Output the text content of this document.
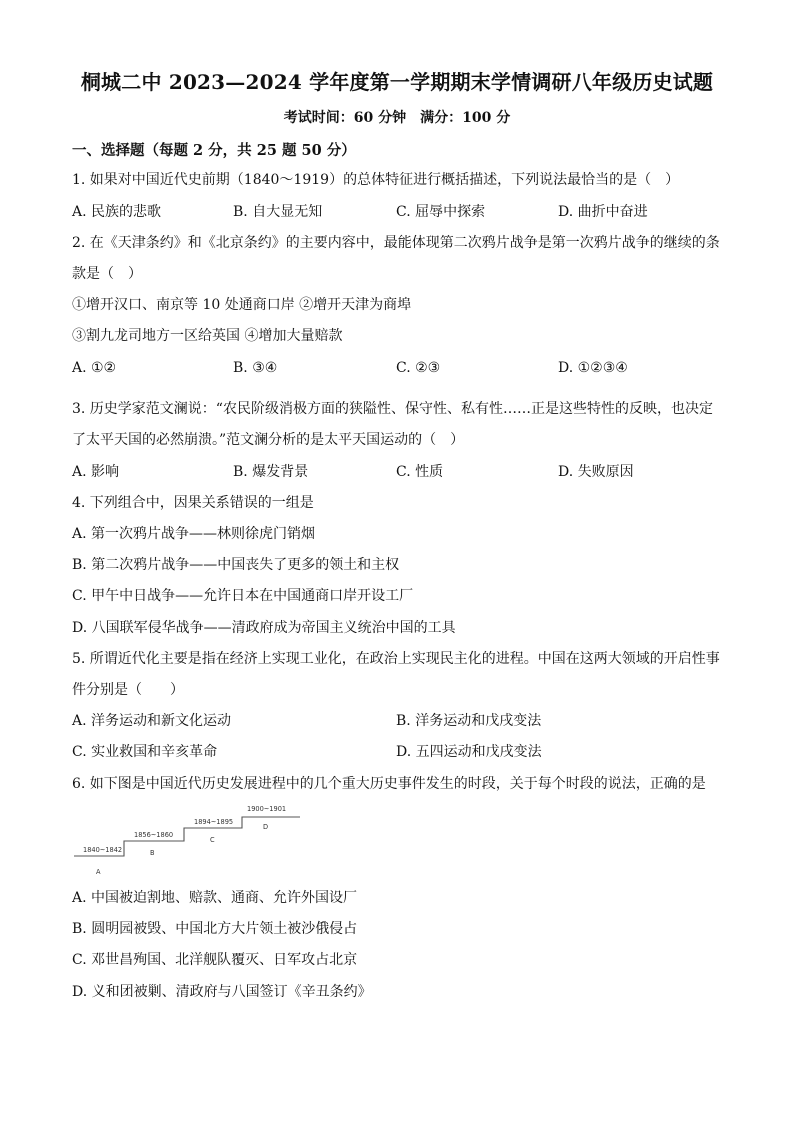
桐城二中 2023—2024 学年度第一学期期末学情调研八年级历史试题
考试时间：60 分钟　满分：100 分
一、选择题（每题 2 分，共 25 题 50 分）
1. 如果对中国近代史前期（1840～1919）的总体特征进行概括描述，下列说法最恰当的是（　）
A. 民族的悲歌	B. 自大显无知	C. 屈辱中探索	D. 曲折中奋进
2. 在《天津条约》和《北京条约》的主要内容中，最能体现第二次鸦片战争是第一次鸦片战争的继续的条
款是（　）
①增开汉口、南京等 10 处通商口岸 ②增开天津为商埠
③割九龙司地方一区给英国 ④增加大量赔款
A. ①②	B. ③④	C. ②③	D. ①②③④
3. 历史学家范文澜说：“农民阶级消极方面的狭隘性、保守性、私有性……正是这些特性的反映，也决定
了太平天国的必然崩溃。”范文澜分析的是太平天国运动的（　）
A. 影响	B. 爆发背景	C. 性质	D. 失败原因
4. 下列组合中，因果关系错误的一组是
A. 第一次鸦片战争——林则徐虎门销烟
B. 第二次鸦片战争——中国丧失了更多的领土和主权
C. 甲午中日战争——允许日本在中国通商口岸开设工厂
D. 八国联军侵华战争——清政府成为帝国主义统治中国的工具
5. 所谓近代化主要是指在经济上实现工业化，在政治上实现民主化的进程。中国在这两大领域的开启性事
件分别是（　　）
A. 洋务运动和新文化运动	B. 洋务运动和戊戌变法
C. 实业救国和辛亥革命	D. 五四运动和戊戌变法
6. 如下图是中国近代历史发展进程中的几个重大历史事件发生的时段，关于每个时段的说法，正确的是
1840~1842
A
1856~1860
B
1894~1895
C
1900~1901
D
A. 中国被迫割地、赔款、通商、允许外国设厂
B. 圆明园被毁、中国北方大片领土被沙俄侵占
C. 邓世昌殉国、北洋舰队覆灭、日军攻占北京
D. 义和团被剿、清政府与八国签订《辛丑条约》
